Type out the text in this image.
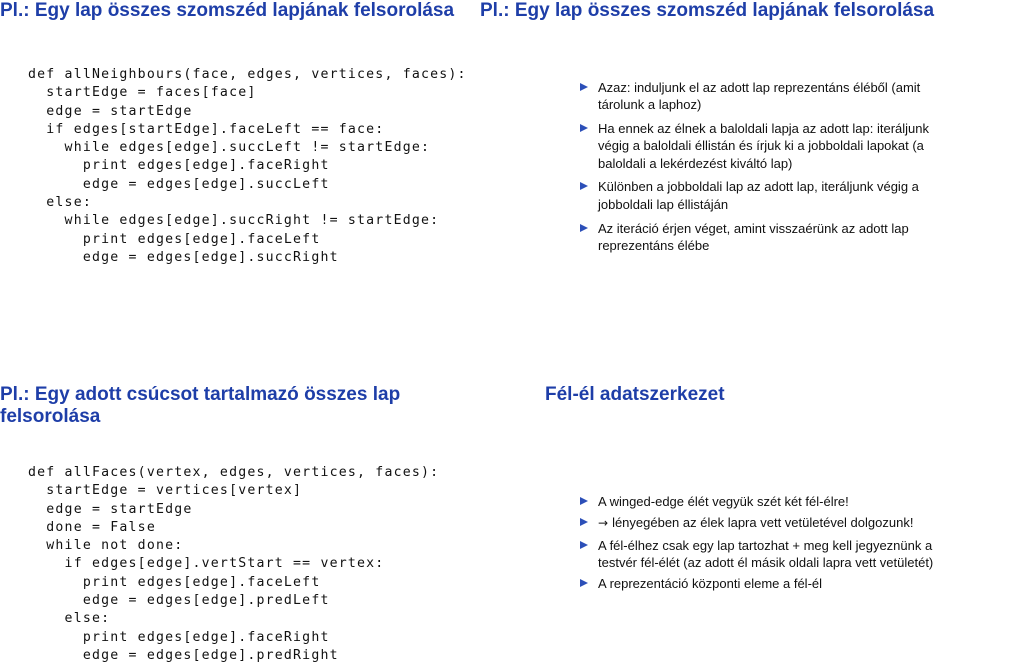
Pl.: Egy lap összes szomszéd lapjának felsorolása
def allNeighbours(face, edges, vertices, faces):
startEdge = faces[face]
edge = startEdge
if edges[startEdge].faceLeft == face:
while edges[edge].succLeft != startEdge:
print edges[edge].faceRight
edge = edges[edge].succLeft
else:
while edges[edge].succRight != startEdge:
print edges[edge].faceLeft
edge = edges[edge].succRight
Pl.: Egy lap összes szomszéd lapjának felsorolása
Azaz: induljunk el az adott lap reprezentáns éléből (amit tárolunk a laphoz)
Ha ennek az élnek a baloldali lapja az adott lap: iteráljunk végig a baloldali éllistán és írjuk ki a jobboldali lapokat (a baloldali a lekérdezést kiváltó lap)
Különben a jobboldali lap az adott lap, iteráljunk végig a jobboldali lap éllistáján
Az iteráció érjen véget, amint visszaérünk az adott lap reprezentáns élébe
Pl.: Egy adott csúcsot tartalmazó összes lap felsorolása
def allFaces(vertex, edges, vertices, faces):
startEdge = vertices[vertex]
edge = startEdge
done = False
while not done:
if edges[edge].vertStart == vertex:
print edges[edge].faceLeft
edge = edges[edge].predLeft
else:
print edges[edge].faceRight
edge = edges[edge].predRight
Fél-él adatszerkezet
A winged-edge élét vegyük szét két fél-élre!
→ lényegében az élek lapra vett vetületével dolgozunk!
A fél-élhez csak egy lap tartozhat + meg kell jegyeznünk a testvér fél-élét (az adott él másik oldali lapra vett vetületét)
A reprezentáció központi eleme a fél-él
